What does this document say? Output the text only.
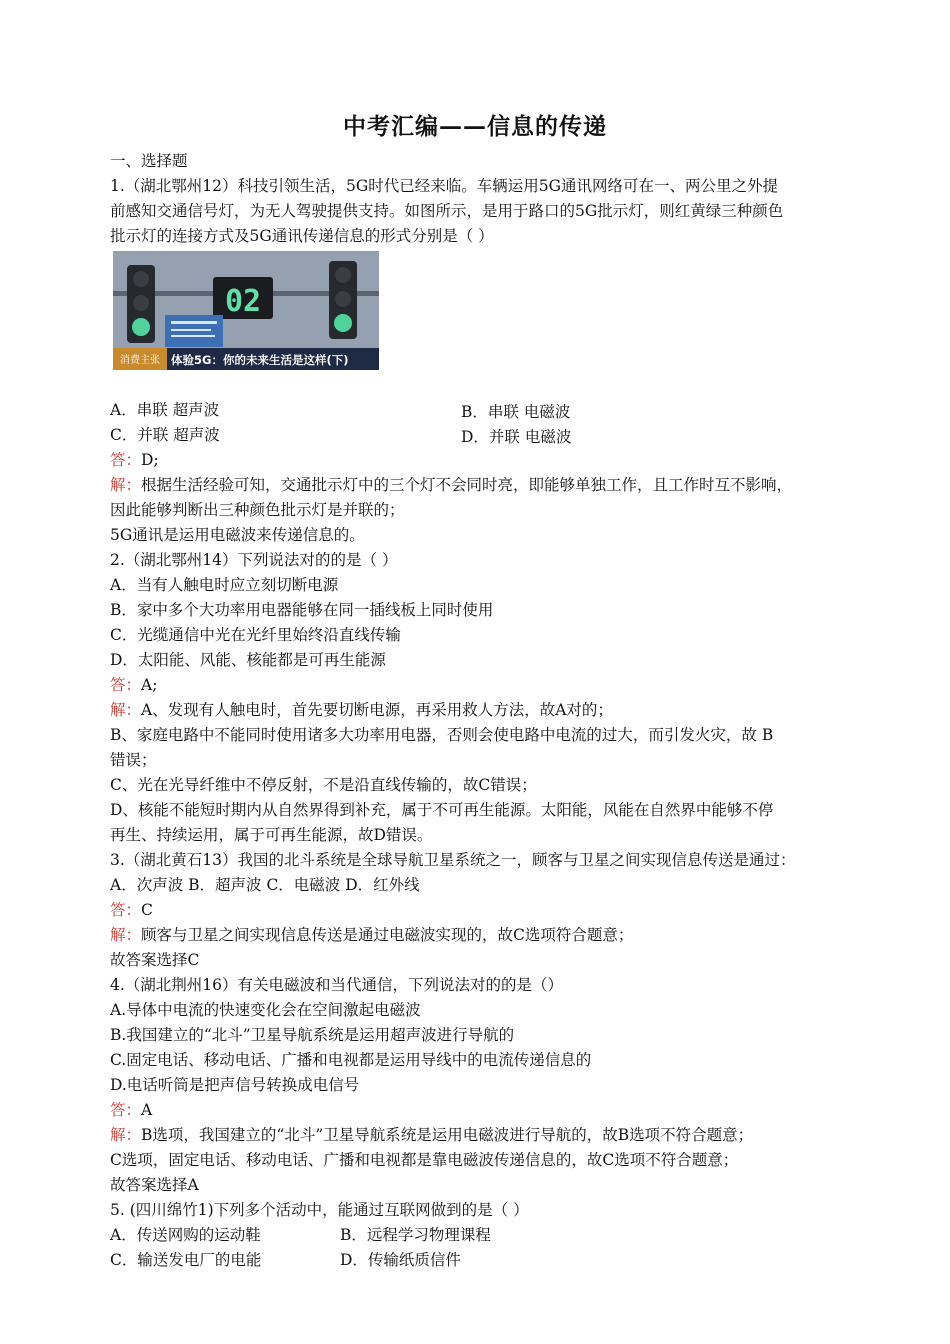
中考汇编——信息的传递
一、选择题
1.（湖北鄂州12）科技引领生活，5G时代已经来临。车辆运用5G通讯网络可在一、两公里之外提
前感知交通信号灯，为无人驾驶提供支持。如图所示，是用于路口的5G批示灯，则红黄绿三种颜色
批示灯的连接方式及5G通讯传递信息的形式分别是（ ）
02
消费主张 体验5G：你的未来生活是这样(下)
A．串联 超声波	B．串联 电磁波
C．并联 超声波	D．并联 电磁波
答：D;
解：根据生活经验可知，交通批示灯中的三个灯不会同时亮，即能够单独工作，且工作时互不影响，
因此能够判断出三种颜色批示灯是并联的；
5G通讯是运用电磁波来传递信息的。
2.（湖北鄂州14）下列说法对的的是（ ）
A．当有人触电时应立刻切断电源
B．家中多个大功率用电器能够在同一插线板上同时使用
C．光缆通信中光在光纤里始终沿直线传输
D．太阳能、风能、核能都是可再生能源
答：A;
解：A、发现有人触电时，首先要切断电源，再采用救人方法，故A对的；
B、家庭电路中不能同时使用诸多大功率用电器，否则会使电路中电流的过大，而引发火灾，故 B
错误；
C、光在光导纤维中不停反射，不是沿直线传输的，故C错误；
D、核能不能短时期内从自然界得到补充，属于不可再生能源。太阳能，风能在自然界中能够不停
再生、持续运用，属于可再生能源，故D错误。
3.（湖北黄石13）我国的北斗系统是全球导航卫星系统之一，顾客与卫星之间实现信息传送是通过：
A．次声波 B．超声波 C．电磁波 D．红外线
答：C
解：顾客与卫星之间实现信息传送是通过电磁波实现的，故C选项符合题意；
故答案选择C
4.（湖北荆州16）有关电磁波和当代通信，下列说法对的的是（）
A.导体中电流的快速变化会在空间激起电磁波
B.我国建立的“北斗”卫星导航系统是运用超声波进行导航的
C.固定电话、移动电话、广播和电视都是运用导线中的电流传递信息的
D.电话听筒是把声信号转换成电信号
答：A
解：B选项，我国建立的“北斗”卫星导航系统是运用电磁波进行导航的，故B选项不符合题意；
C选项，固定电话、移动电话、广播和电视都是靠电磁波传递信息的，故C选项不符合题意；
故答案选择A
5. (四川绵竹1)下列多个活动中，能通过互联网做到的是（ ）
A．传送网购的运动鞋	B．远程学习物理课程
C．输送发电厂的电能	D．传输纸质信件
